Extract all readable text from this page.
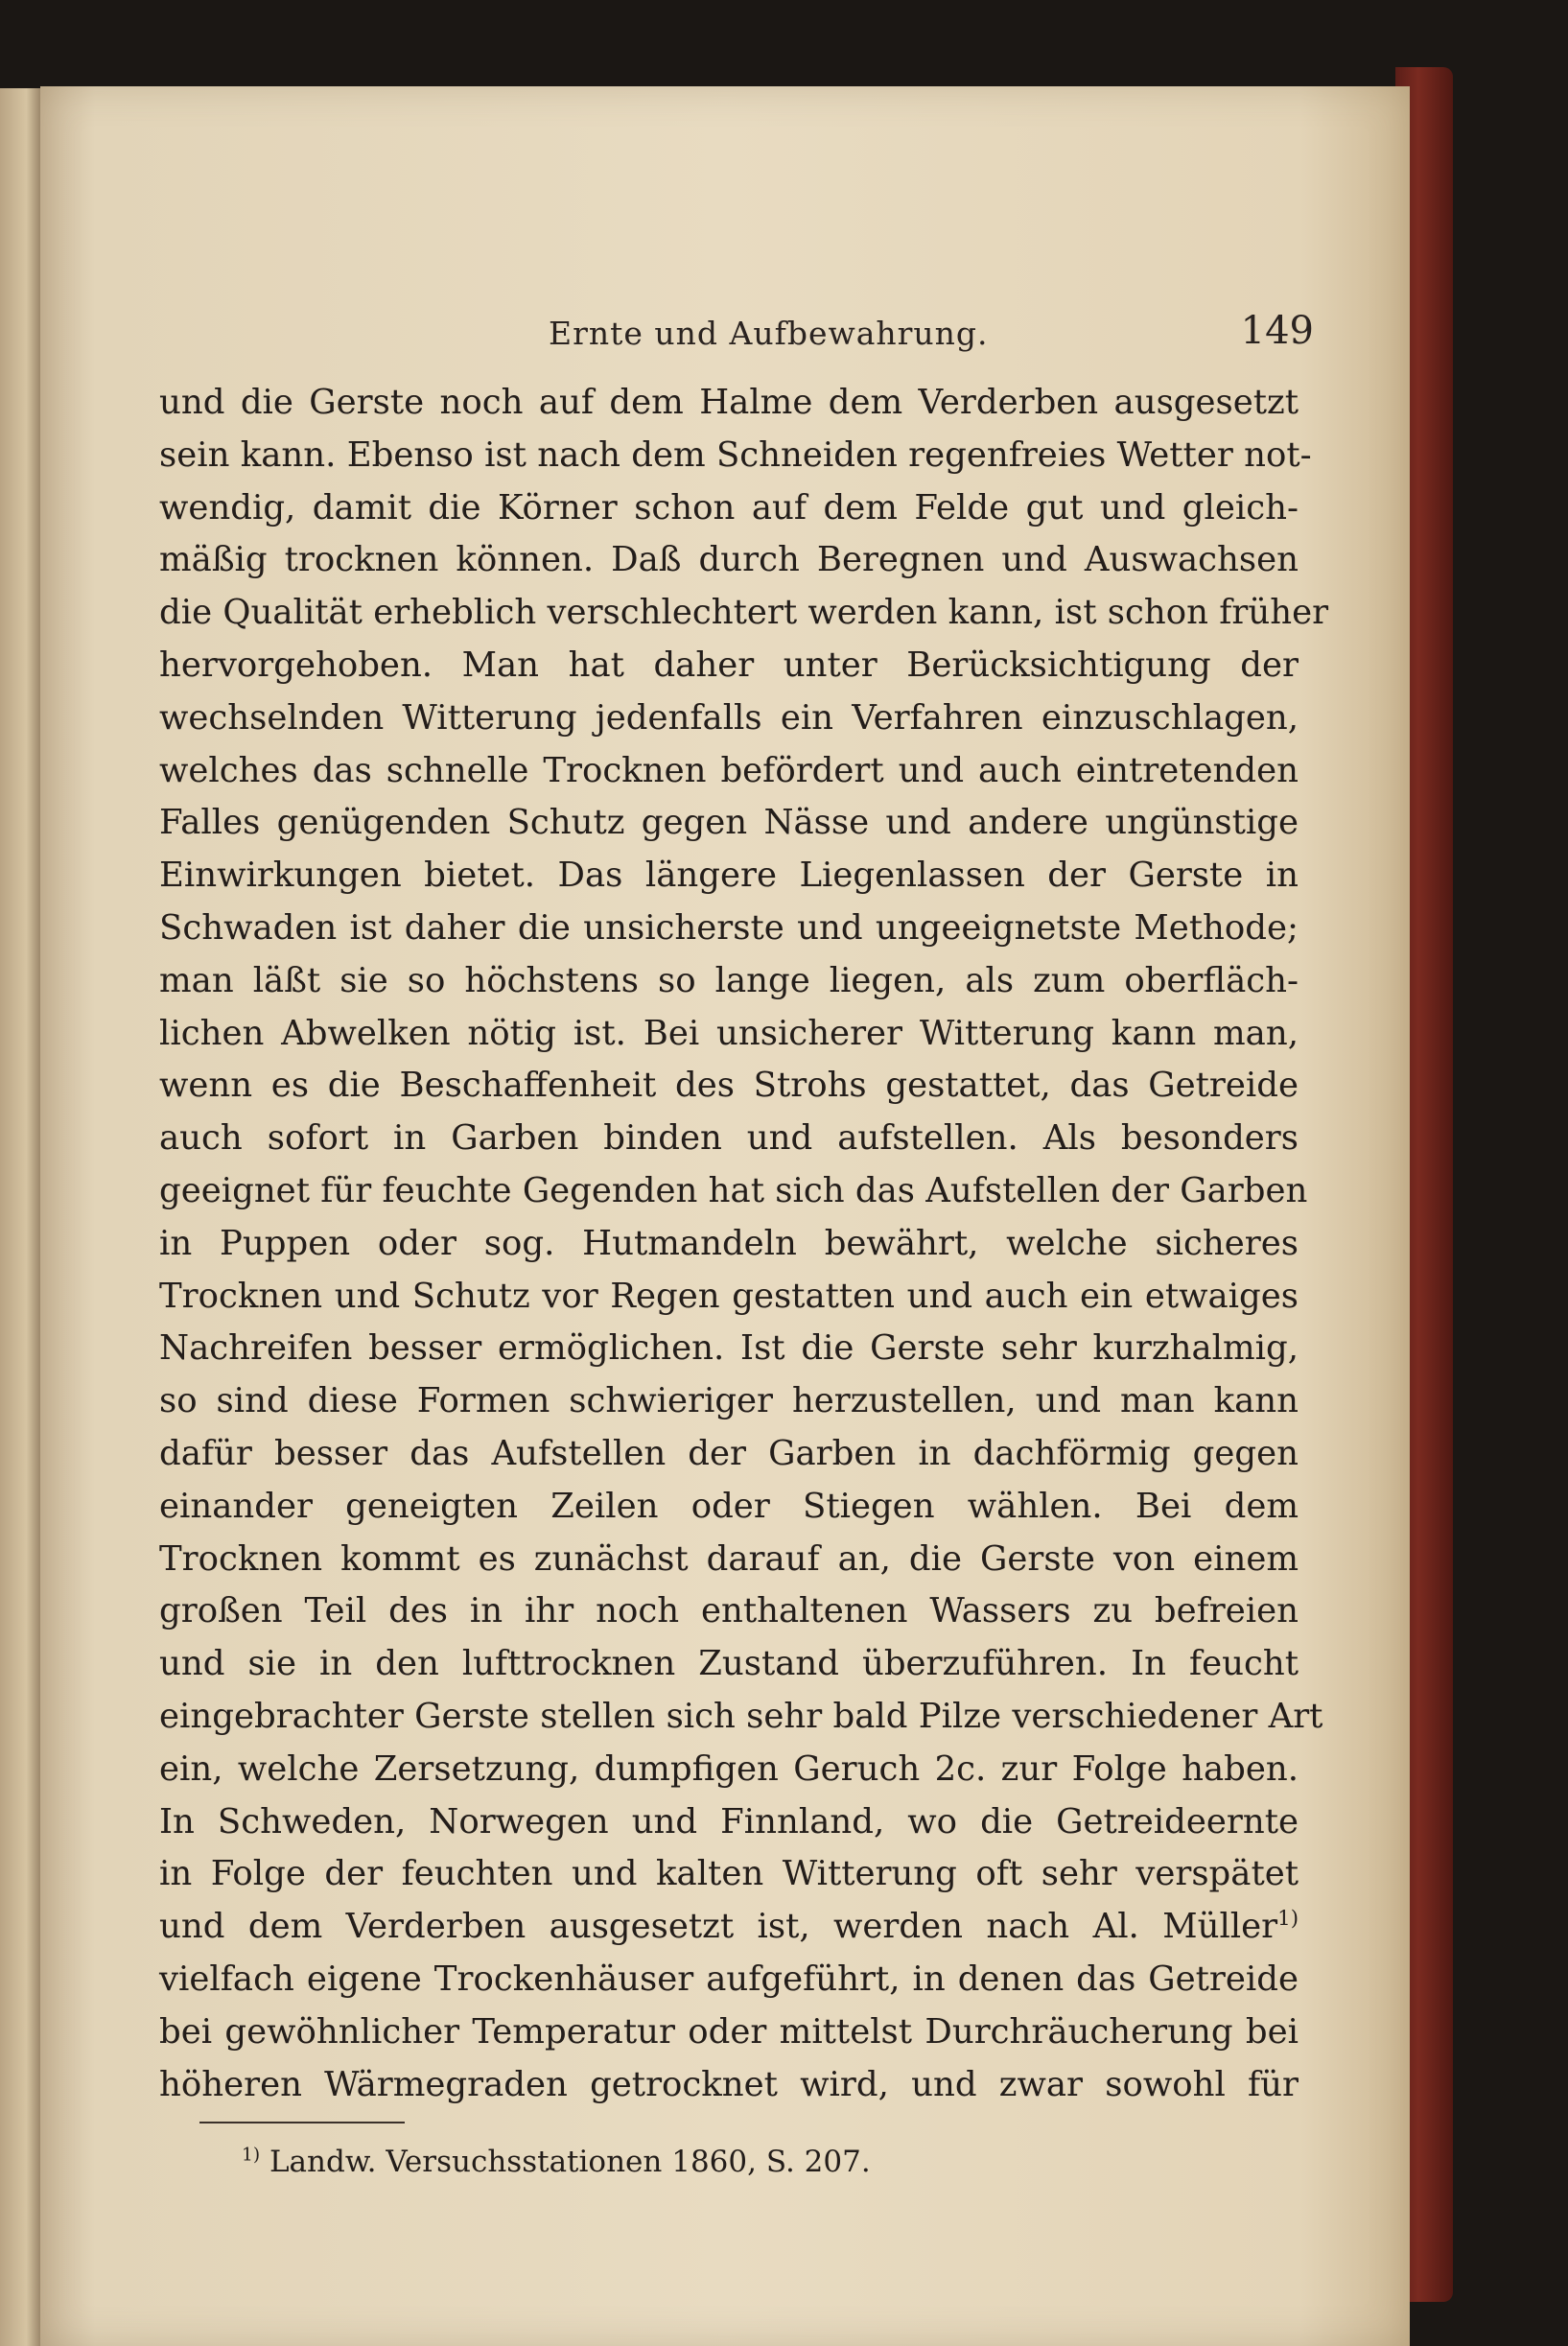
Ernte und Aufbewahrung.	149
und die Gerste noch auf dem Halme dem Verderben ausgesetzt
sein kann. Ebenso ist nach dem Schneiden regenfreies Wetter not-
wendig, damit die Körner schon auf dem Felde gut und gleich-
mäßig trocknen können. Daß durch Beregnen und Auswachsen
die Qualität erheblich verschlechtert werden kann, ist schon früher
hervorgehoben. Man hat daher unter Berücksichtigung der
wechselnden Witterung jedenfalls ein Verfahren einzuschlagen,
welches das schnelle Trocknen befördert und auch eintretenden
Falles genügenden Schutz gegen Nässe und andere ungünstige
Einwirkungen bietet. Das längere Liegenlassen der Gerste in
Schwaden ist daher die unsicherste und ungeeignetste Methode;
man läßt sie so höchstens so lange liegen, als zum oberfläch-
lichen Abwelken nötig ist. Bei unsicherer Witterung kann man,
wenn es die Beschaffenheit des Strohs gestattet, das Getreide
auch sofort in Garben binden und aufstellen. Als besonders
geeignet für feuchte Gegenden hat sich das Aufstellen der Garben
in Puppen oder sog. Hutmandeln bewährt, welche sicheres
Trocknen und Schutz vor Regen gestatten und auch ein etwaiges
Nachreifen besser ermöglichen. Ist die Gerste sehr kurzhalmig,
so sind diese Formen schwieriger herzustellen, und man kann
dafür besser das Aufstellen der Garben in dachförmig gegen
einander geneigten Zeilen oder Stiegen wählen. Bei dem
Trocknen kommt es zunächst darauf an, die Gerste von einem
großen Teil des in ihr noch enthaltenen Wassers zu befreien
und sie in den lufttrocknen Zustand überzuführen. In feucht
eingebrachter Gerste stellen sich sehr bald Pilze verschiedener Art
ein, welche Zersetzung, dumpfigen Geruch 2c. zur Folge haben.
In Schweden, Norwegen und Finnland, wo die Getreideernte
in Folge der feuchten und kalten Witterung oft sehr verspätet
und dem Verderben ausgesetzt ist, werden nach Al. Müller$^{1)}$
vielfach eigene Trockenhäuser aufgeführt, in denen das Getreide
bei gewöhnlicher Temperatur oder mittelst Durchräucherung bei
höheren Wärmegraden getrocknet wird, und zwar sowohl für
$^{1)}$ Landw. Versuchsstationen 1860, S. 207.
